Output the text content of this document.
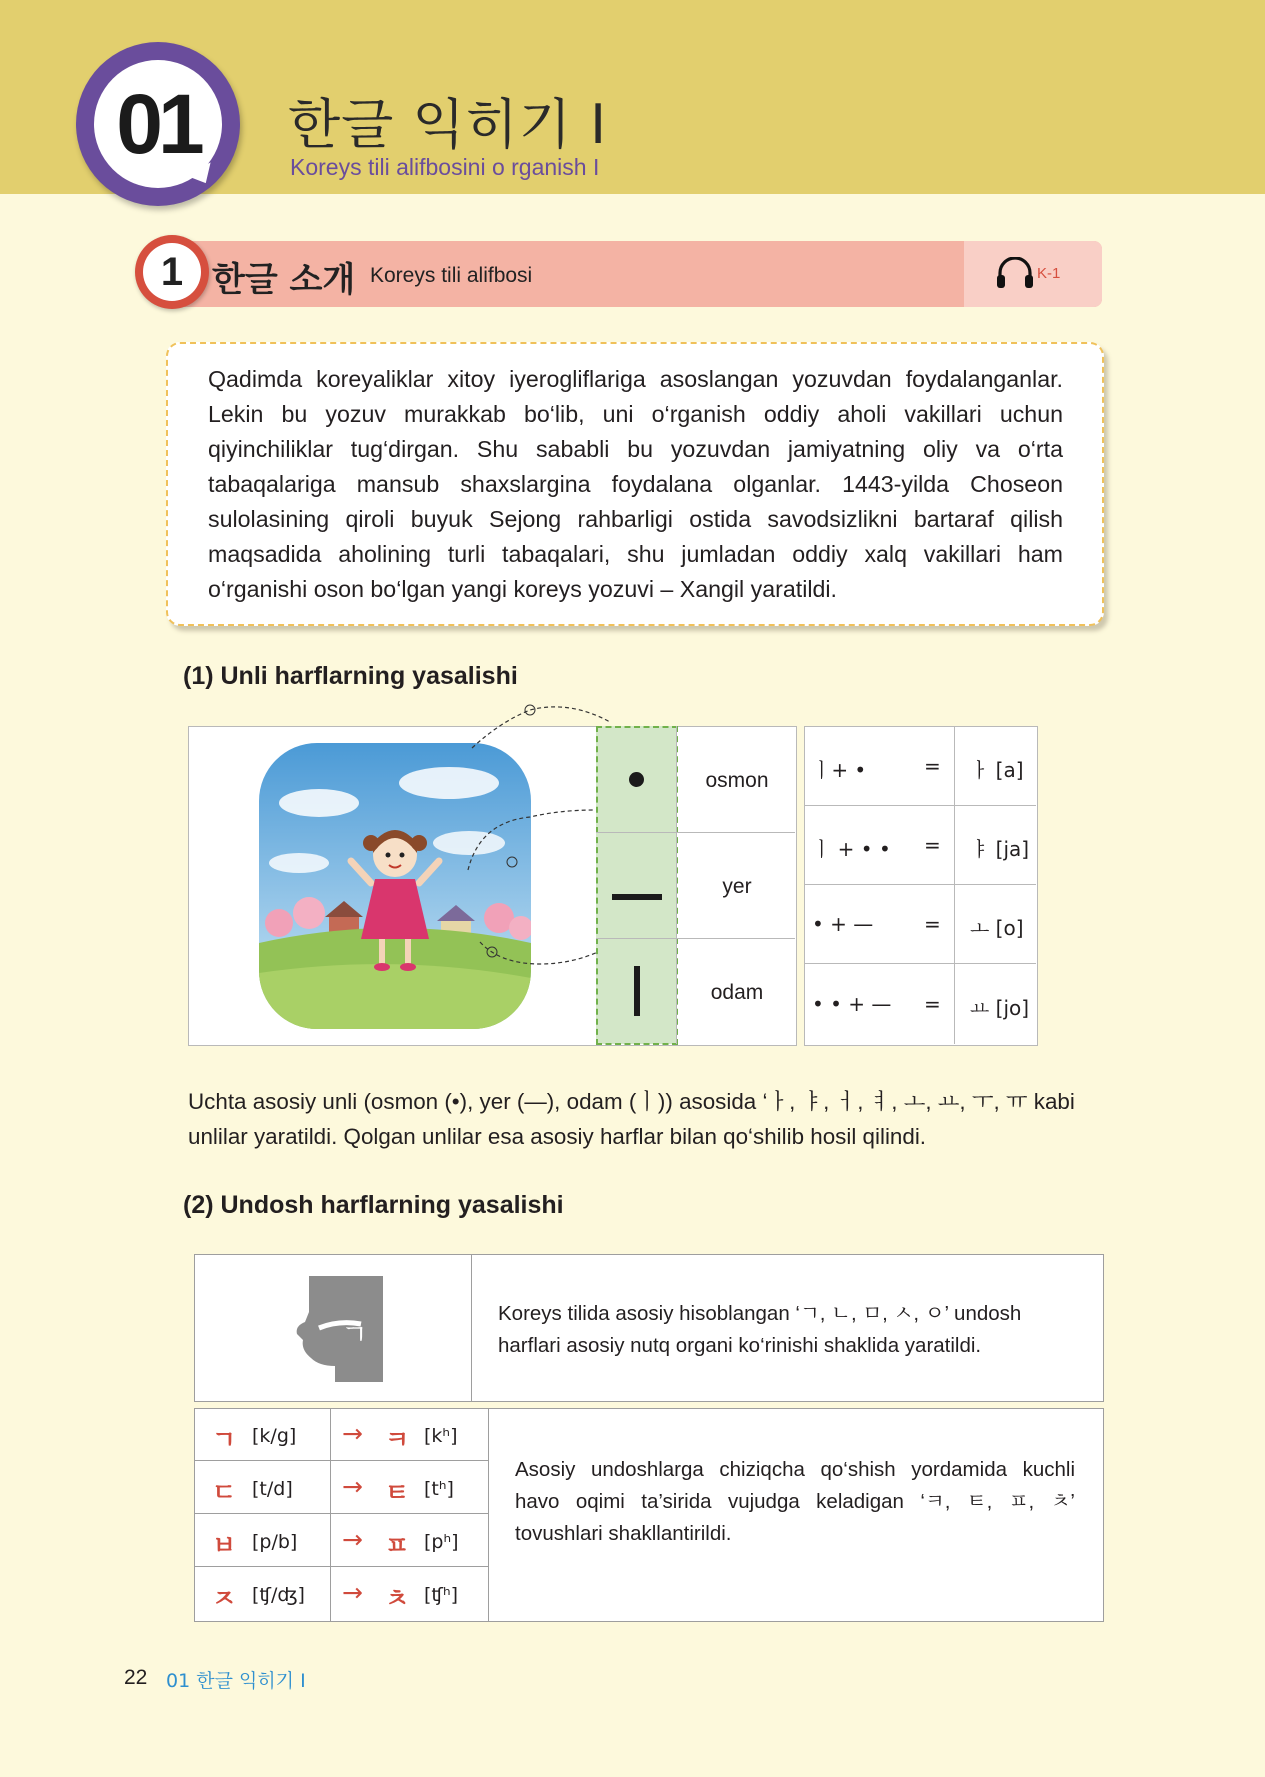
01	한글 익히기 I
Koreys tili alifbosini o rganish I
1 한글 소개 Koreys tili alifbosi	K-1
Qadimda koreyaliklar xitoy iyerogliflariga asoslangan yozuvdan foydalanganlar. Lekin bu yozuv murakkab bo‘lib, uni o‘rganish oddiy aholi vakillari uchun qiyinchiliklar tug‘dirgan. Shu sababli bu yozuvdan jamiyatning oliy va o‘rta tabaqalariga mansub shaxslargina foydalana olganlar. 1443-yilda Choseon sulolasining qiroli buyuk Sejong rahbarligi ostida savodsizlikni bartaraf qilish maqsadida aholining turli tabaqalari, shu jumladan oddiy xalq vakillari ham o‘rganishi oson bo‘lgan yangi koreys yozuvi – Xangil yaratildi.
(1) Unli harflarning yasalishi
osmon
yer
odam
ㅣ+ •	= ㅏ [a]
ㅣ + • •	= ㅑ [ja]
• + —	= ㅗ [o]
• • + —	= ㅛ [jo]
Uchta asosiy unli (osmon (•), yer (—), odam (ㅣ)) asosida ‘ㅏ, ㅑ, ㅓ, ㅕ, ㅗ, ㅛ, ㅜ, ㅠ kabi unlilar yaratildi. Qolgan unlilar esa asosiy harflar bilan qo‘shilib hosil qilindi.
(2) Undosh harflarning yasalishi
ㄱ
Koreys tilida asosiy hisoblangan ‘ㄱ, ㄴ, ㅁ, ㅅ, ㅇ’ undosh harflari asosiy nutq organi ko‘rinishi shaklida yaratildi.
ㄱ [k/g] → ㅋ [kʰ]
ㄷ [t/d] → ㅌ [tʰ]
ㅂ [p/b] → ㅍ [pʰ]
ㅈ [ʧ/ʤ] → ㅊ [ʧʰ]
Asosiy undoshlarga chiziqcha qo‘shish yordamida kuchli havo oqimi ta’sirida vujudga keladigan ‘ㅋ, ㅌ, ㅍ, ㅊ’ tovushlari shakllantirildi.
22 01 한글 익히기 Ⅰ
